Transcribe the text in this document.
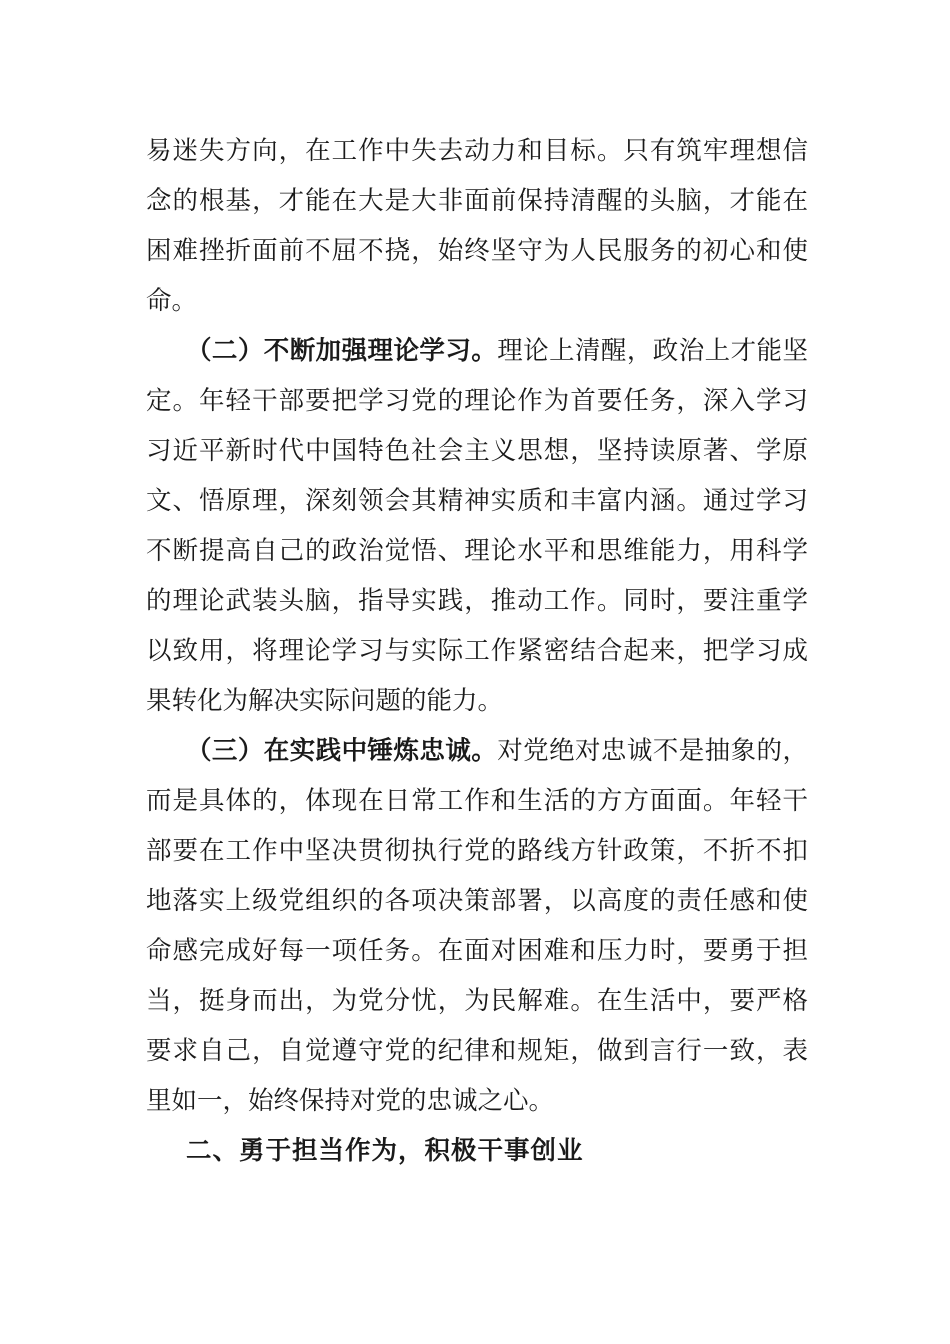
易迷失方向，在工作中失去动力和目标。只有筑牢理想信
念的根基，才能在大是大非面前保持清醒的头脑，才能在
困难挫折面前不屈不挠，始终坚守为人民服务的初心和使
命。
（二）不断加强理论学习。理论上清醒，政治上才能坚
定。年轻干部要把学习党的理论作为首要任务，深入学习
习近平新时代中国特色社会主义思想，坚持读原著、学原
文、悟原理，深刻领会其精神实质和丰富内涵。通过学习
不断提高自己的政治觉悟、理论水平和思维能力，用科学
的理论武装头脑，指导实践，推动工作。同时，要注重学
以致用，将理论学习与实际工作紧密结合起来，把学习成
果转化为解决实际问题的能力。
（三）在实践中锤炼忠诚。对党绝对忠诚不是抽象的，
而是具体的，体现在日常工作和生活的方方面面。年轻干
部要在工作中坚决贯彻执行党的路线方针政策，不折不扣
地落实上级党组织的各项决策部署，以高度的责任感和使
命感完成好每一项任务。在面对困难和压力时，要勇于担
当，挺身而出，为党分忧，为民解难。在生活中，要严格
要求自己，自觉遵守党的纪律和规矩，做到言行一致，表
里如一，始终保持对党的忠诚之心。
二、勇于担当作为，积极干事创业
